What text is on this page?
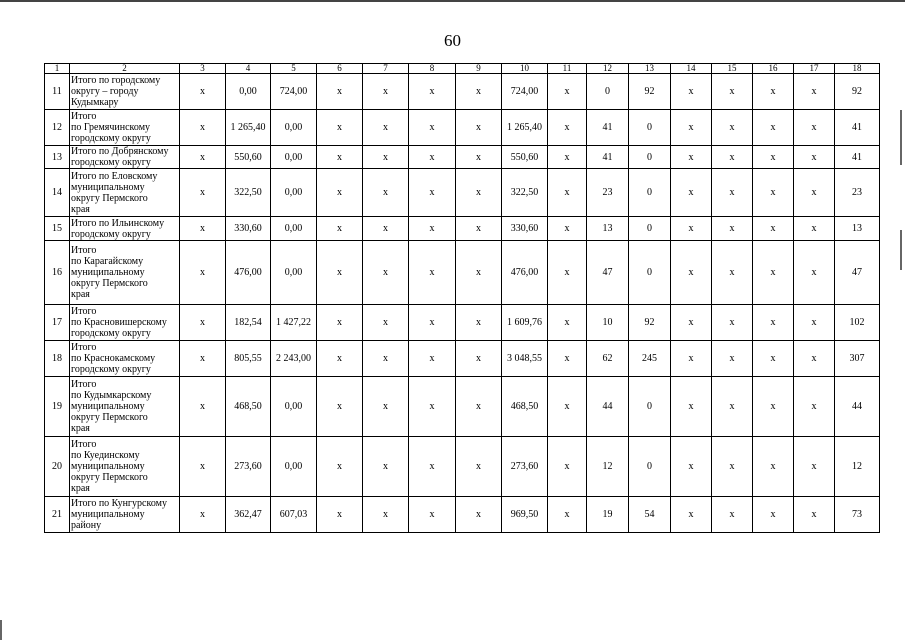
60
1	2	3	4	5	6	7	8	9	10	11	12	13	14	15	16	17	18
11	Итого по городскому
округу – городу
Кудымкару	x	0,00	724,00	x	x	x	x	724,00	x	0	92	x	x	x	x	92
12	Итого
по Гремячинскому
городскому округу	x	1 265,40	0,00	x	x	x	x	1 265,40	x	41	0	x	x	x	x	41
13	Итого по Добрянскому
городскому округу	x	550,60	0,00	x	x	x	x	550,60	x	41	0	x	x	x	x	41
14	Итого по Еловскому
муниципальному
округу Пермского
края	x	322,50	0,00	x	x	x	x	322,50	x	23	0	x	x	x	x	23
15	Итого по Ильинскому
городскому округу	x	330,60	0,00	x	x	x	x	330,60	x	13	0	x	x	x	x	13
16	Итого
по Карагайскому
муниципальному
округу Пермского
края	x	476,00	0,00	x	x	x	x	476,00	x	47	0	x	x	x	x	47
17	Итого
по Красновишерскому
городскому округу	x	182,54	1 427,22	x	x	x	x	1 609,76	x	10	92	x	x	x	x	102
18	Итого
по Краснокамскому
городскому округу	x	805,55	2 243,00	x	x	x	x	3 048,55	x	62	245	x	x	x	x	307
19	Итого
по Кудымкарскому
муниципальному
округу Пермского
края	x	468,50	0,00	x	x	x	x	468,50	x	44	0	x	x	x	x	44
20	Итого
по Куединскому
муниципальному
округу Пермского
края	x	273,60	0,00	x	x	x	x	273,60	x	12	0	x	x	x	x	12
21	Итого по Кунгурскому
муниципальному
району	x	362,47	607,03	x	x	x	x	969,50	x	19	54	x	x	x	x	73
